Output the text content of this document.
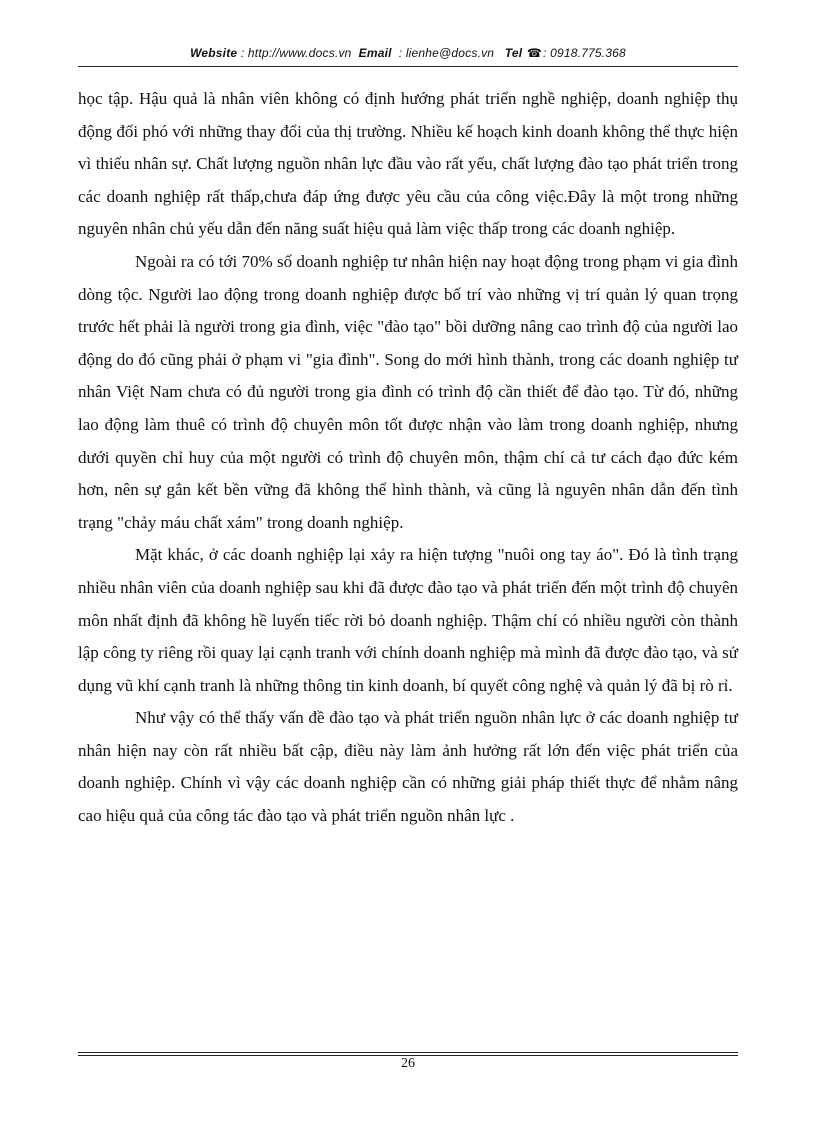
Website : http://www.docs.vn Email  : lienhe@docs.vn Tel ☎: 0918.775.368

học tập. Hậu quả là nhân viên không có định hướng phát triển nghề nghiệp, doanh nghiệp thụ động đối phó với những thay đổi của thị trường. Nhiều kế hoạch kinh doanh không thể thực hiện vì thiếu nhân sự. Chất lượng nguồn nhân lực đầu vào rất yếu, chất lượng đào tạo phát triển trong các doanh nghiệp rất thấp,chưa đáp ứng được yêu cầu của công việc.Đây là một trong những nguyên nhân chủ yếu dẫn đến năng suất hiệu quả làm việc thấp trong các doanh nghiệp.

Ngoài ra có tới 70% số doanh nghiệp tư nhân hiện nay hoạt động trong phạm vi gia đình dòng tộc. Người lao động trong doanh nghiệp được bố trí vào những vị trí quản lý quan trọng trước hết phải là người trong gia đình, việc "đào tạo" bồi dưỡng nâng cao trình độ của người lao động do đó cũng phải ở phạm vi "gia đình". Song do mới hình thành, trong các doanh nghiệp tư nhân Việt Nam chưa có đủ người trong gia đình có trình độ cần thiết để đào tạo. Từ đó, những lao động làm thuê có trình độ chuyên môn tốt được nhận vào làm trong doanh nghiệp, nhưng dưới quyền chỉ huy của một người có trình độ chuyên môn, thậm chí cả tư cách đạo đức kém hơn, nên sự gắn kết bền vững đã không thể hình thành, và cũng là nguyên nhân dẫn đến tình trạng "chảy máu chất xám" trong doanh nghiệp.

Mặt khác, ở các doanh nghiệp lại xảy ra hiện tượng "nuôi ong tay áo". Đó là tình trạng nhiều nhân viên của doanh nghiệp sau khi đã được đào tạo và phát triển đến một trình độ chuyên môn nhất định đã không hề luyến tiếc rời bỏ doanh nghiệp. Thậm chí có nhiều người còn thành lập công ty riêng rồi quay lại cạnh tranh với chính doanh nghiệp mà mình đã được đào tạo, và sử dụng vũ khí cạnh tranh là những thông tin kinh doanh, bí quyết công nghệ và quản lý đã bị rò rỉ.

Như vậy có thể thấy vấn đề đào tạo và phát triển nguồn nhân lực ở các doanh nghiệp tư nhân hiện nay còn rất nhiều bất cập, điều này làm ảnh hưởng rất lớn đến việc phát triển của doanh nghiệp. Chính vì vậy các doanh nghiệp cần có những giải pháp thiết thực để nhằm nâng cao hiệu quả của công tác đào tạo và phát triển nguồn nhân lực .

26
